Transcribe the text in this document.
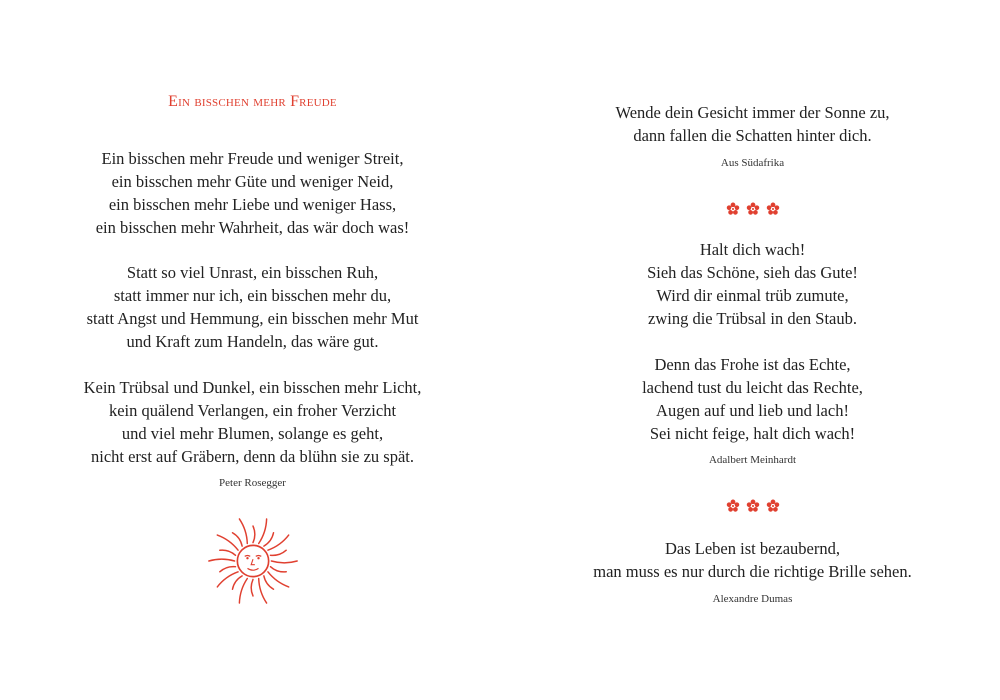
Ein bisschen mehr Freude
Ein bisschen mehr Freude und weniger Streit,
ein bisschen mehr Güte und weniger Neid,
ein bisschen mehr Liebe und weniger Hass,
ein bisschen mehr Wahrheit, das wär doch was!
Statt so viel Unrast, ein bisschen Ruh,
statt immer nur ich, ein bisschen mehr du,
statt Angst und Hemmung, ein bisschen mehr Mut
und Kraft zum Handeln, das wäre gut.
Kein Trübsal und Dunkel, ein bisschen mehr Licht,
kein quälend Verlangen, ein froher Verzicht
und viel mehr Blumen, solange es geht,
nicht erst auf Gräbern, denn da blühn sie zu spät.
Peter Rosegger
Wende dein Gesicht immer der Sonne zu,
dann fallen die Schatten hinter dich.
Aus Südafrika
Halt dich wach!
Sieh das Schöne, sieh das Gute!
Wird dir einmal trüb zumute,
zwing die Trübsal in den Staub.
Denn das Frohe ist das Echte,
lachend tust du leicht das Rechte,
Augen auf und lieb und lach!
Sei nicht feige, halt dich wach!
Adalbert Meinhardt
Das Leben ist bezaubernd,
man muss es nur durch die richtige Brille sehen.
Alexandre Dumas
